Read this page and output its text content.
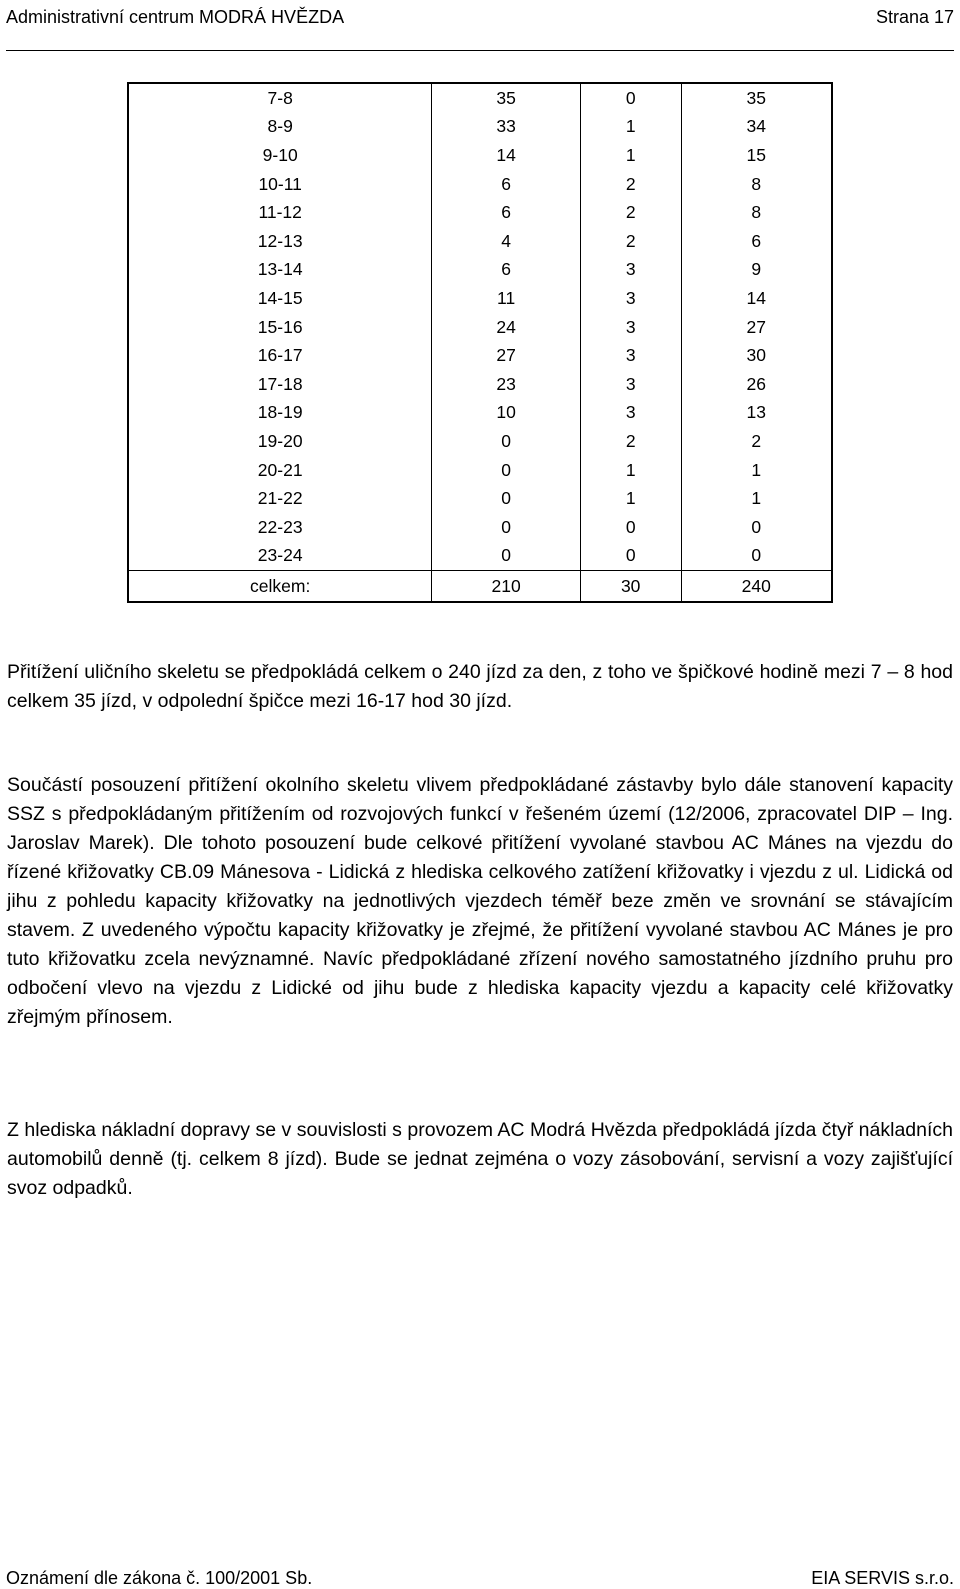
Administrativní centrum MODRÁ HVĚZDA	Strana 17
7-8	35	0	35
8-9	33	1	34
9-10	14	1	15
10-11	6	2	8
11-12	6	2	8
12-13	4	2	6
13-14	6	3	9
14-15	11	3	14
15-16	24	3	27
16-17	27	3	30
17-18	23	3	26
18-19	10	3	13
19-20	0	2	2
20-21	0	1	1
21-22	0	1	1
22-23	0	0	0
23-24	0	0	0
celkem:	210	30	240
Přitížení uličního skeletu se předpokládá celkem o 240 jízd za den, z toho ve špičkové hodině mezi 7 – 8 hod celkem 35 jízd, v odpolední špičce mezi 16-17 hod 30 jízd.
Součástí posouzení přitížení okolního skeletu vlivem předpokládané zástavby bylo dále stanovení kapacity SSZ s předpokládaným přitížením od rozvojových funkcí v řešeném území (12/2006, zpracovatel DIP – Ing. Jaroslav Marek). Dle tohoto posouzení bude celkové přitížení vyvolané stavbou AC Mánes na vjezdu do řízené křižovatky CB.09 Mánesova - Lidická z hlediska celkového zatížení křižovatky i vjezdu z ul. Lidická od jihu z pohledu kapacity křižovatky na jednotlivých vjezdech téměř beze změn ve srovnání se stávajícím stavem. Z uvedeného výpočtu kapacity křižovatky je zřejmé, že přitížení vyvolané stavbou AC Mánes je pro tuto křižovatku zcela nevýznamné. Navíc předpokládané zřízení nového samostatného jízdního pruhu pro odbočení vlevo na vjezdu z Lidické od jihu bude z hlediska kapacity vjezdu a kapacity celé křižovatky zřejmým přínosem.
Z hlediska nákladní dopravy se v souvislosti s provozem AC Modrá Hvězda předpokládá jízda čtyř nákladních automobilů denně (tj. celkem 8 jízd). Bude se jednat zejména o vozy zásobování, servisní a vozy zajišťující svoz odpadků.
Oznámení dle zákona č. 100/2001 Sb.	EIA SERVIS s.r.o.
